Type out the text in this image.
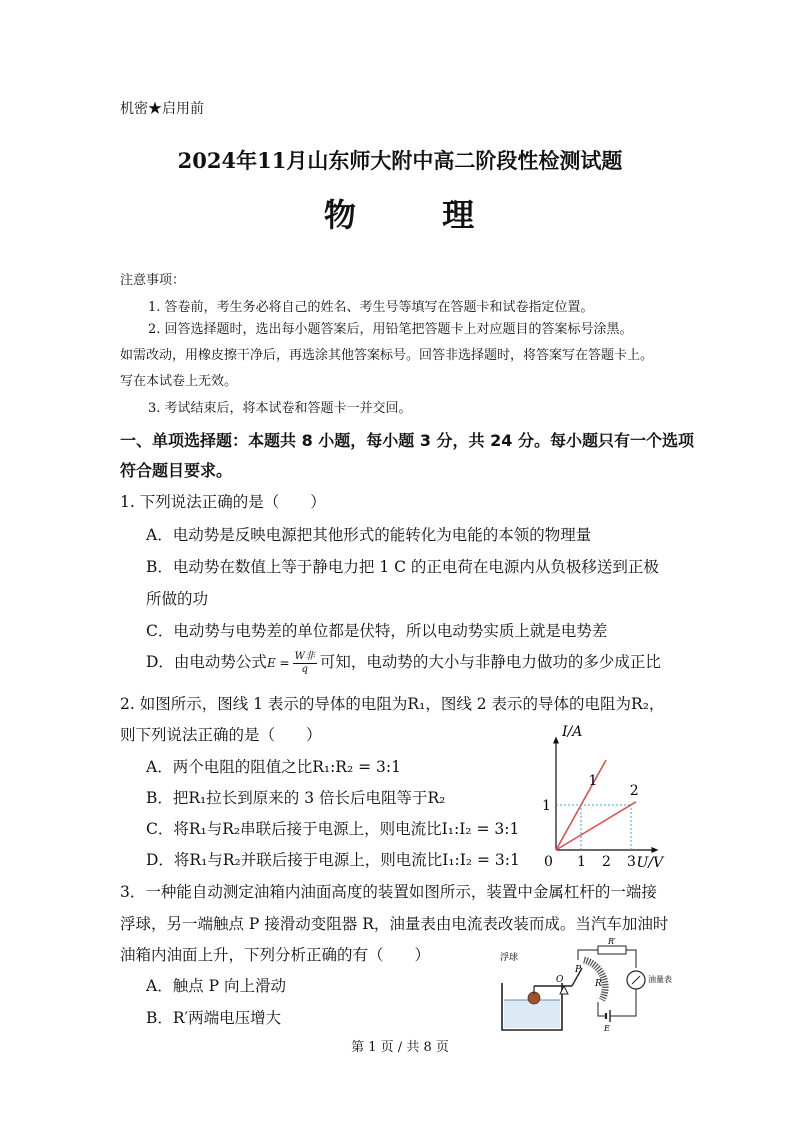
机密★启用前
2024年11月山东师大附中高二阶段性检测试题
物	理
注意事项：
1. 答卷前，考生务必将自己的姓名、考生号等填写在答题卡和试卷指定位置。
2. 回答选择题时，选出每小题答案后，用铅笔把答题卡上对应题目的答案标号涂黑。
如需改动，用橡皮擦干净后，再选涂其他答案标号。回答非选择题时，将答案写在答题卡上。
写在本试卷上无效。
3. 考试结束后，将本试卷和答题卡一并交回。
一、单项选择题：本题共 8 小题，每小题 3 分，共 24 分。每小题只有一个选项
符合题目要求。
1. 下列说法正确的是（　　）
A．电动势是反映电源把其他形式的能转化为电能的本领的物理量
B．电动势在数值上等于静电力把 1 C 的正电荷在电源内从负极移送到正极
所做的功
C．电动势与电势差的单位都是伏特，所以电动势实质上就是电势差
D．由电动势公式$E = \frac{\text{W非}}{q}$ 可知，电动势的大小与非静电力做功的多少成正比
2. 如图所示，图线 1 表示的导体的电阻为R₁，图线 2 表示的导体的电阻为R₂，
则下列说法正确的是（　　）
A．两个电阻的阻值之比R₁:R₂ = 3:1
B．把R₁拉长到原来的 3 倍长后电阻等于R₂
C．将R₁与R₂串联后接于电源上，则电流比I₁:I₂ = 3:1
D．将R₁与R₂并联后接于电源上，则电流比I₁:I₂ = 3:1
1
2
0 1 2 3
1
U/V
I/A
3．一种能自动测定油箱内油面高度的装置如图所示，装置中金属杠杆的一端接
浮球，另一端触点 P 接滑动变阻器 R，油量表由电流表改装而成。当汽车加油时
油箱内油面上升，下列分析正确的有（　　）
A．触点 P 向上滑动
B．R′两端电压增大
浮球
O
P
R
R′
油量表
E
第 1 页 / 共 8 页
